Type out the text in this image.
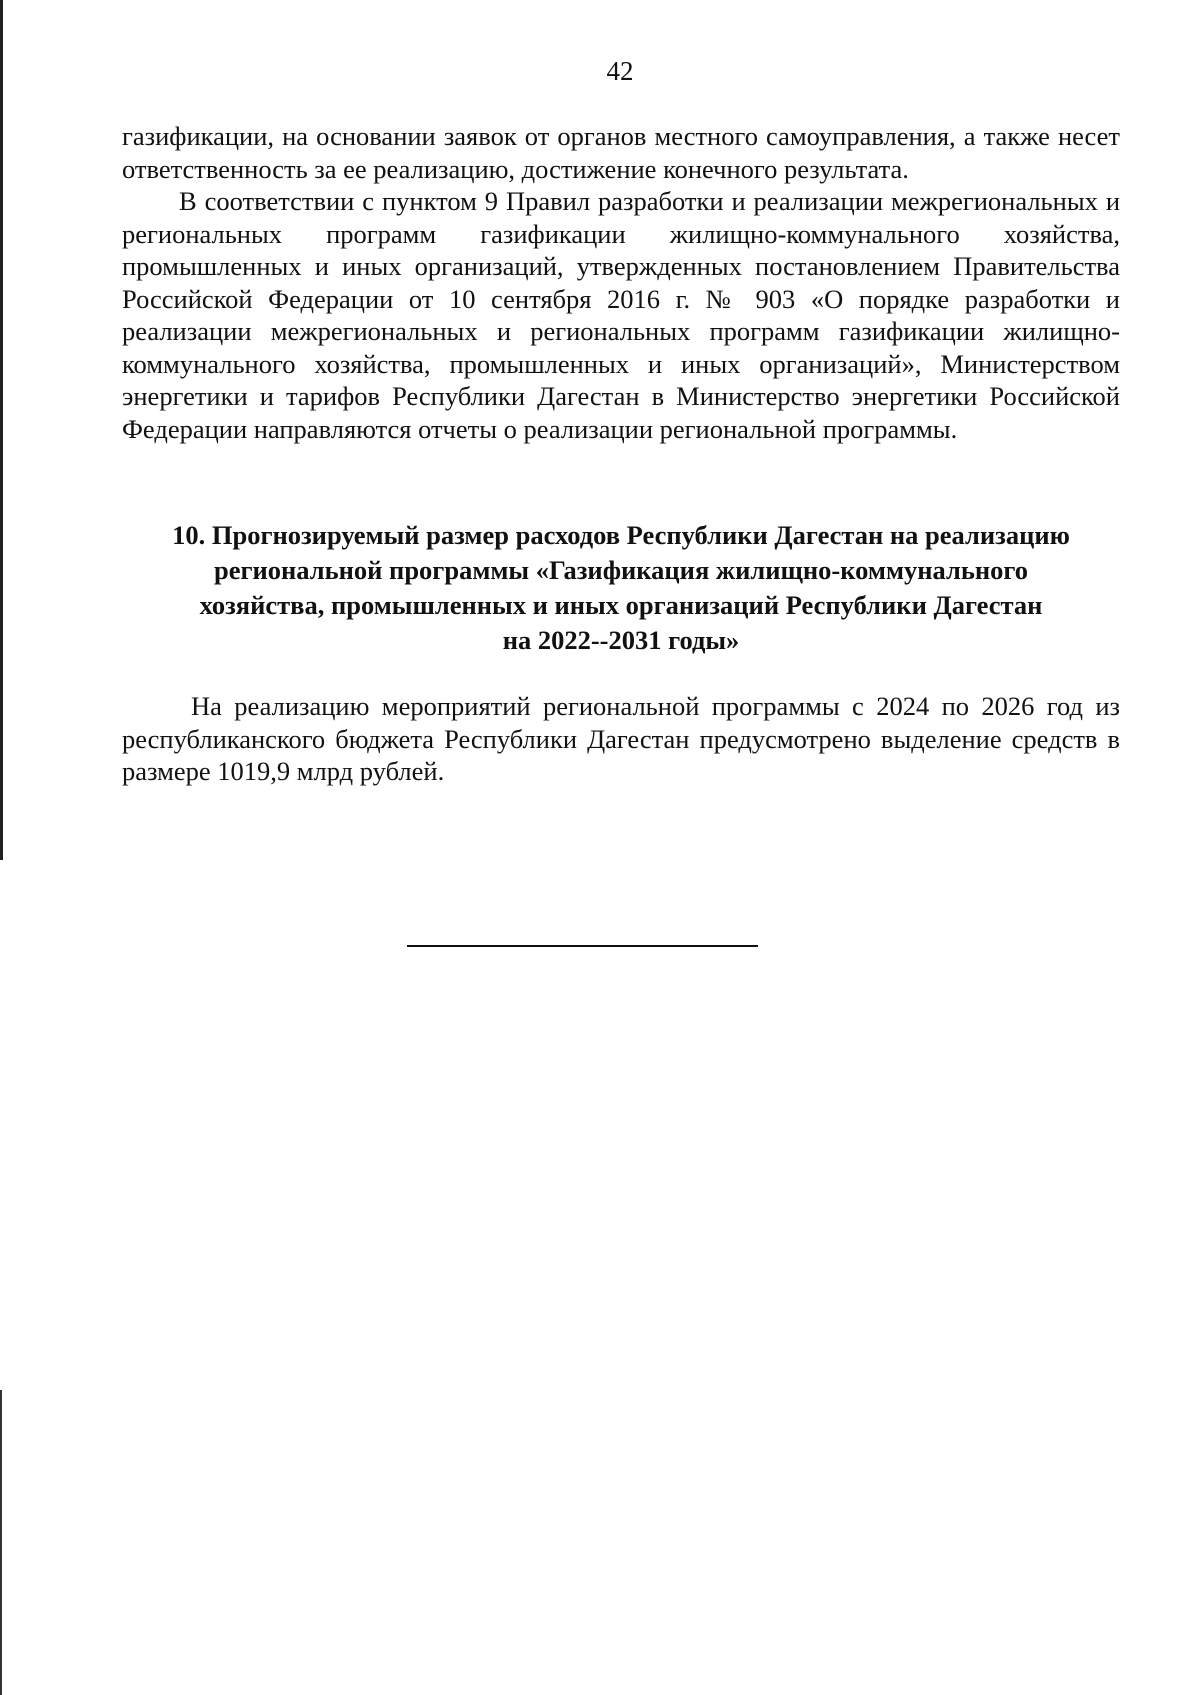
42

газификации, на основании заявок от органов местного самоуправления, а также несет ответственность за ее реализацию, достижение конечного результата.

В соответствии с пунктом 9 Правил разработки и реализации межрегиональных и региональных программ газификации жилищно-коммунального хозяйства, промышленных и иных организаций, утвержденных постановлением Правительства Российской Федерации от 10 сентября 2016 г. № 903 «О порядке разработки и реализации межрегиональных и региональных программ газификации жилищно-коммунального хозяйства, промышленных и иных организаций», Министерством энергетики и тарифов Республики Дагестан в Министерство энергетики Российской Федерации направляются отчеты о реализации региональной программы.

10. Прогнозируемый размер расходов Республики Дагестан на реализацию
региональной программы «Газификация жилищно-коммунального
хозяйства, промышленных и иных организаций Республики Дагестан
на 2022--2031 годы»

На реализацию мероприятий региональной программы с 2024 по 2026 год из республиканского бюджета Республики Дагестан предусмотрено выделение средств в размере 1019,9 млрд рублей.
